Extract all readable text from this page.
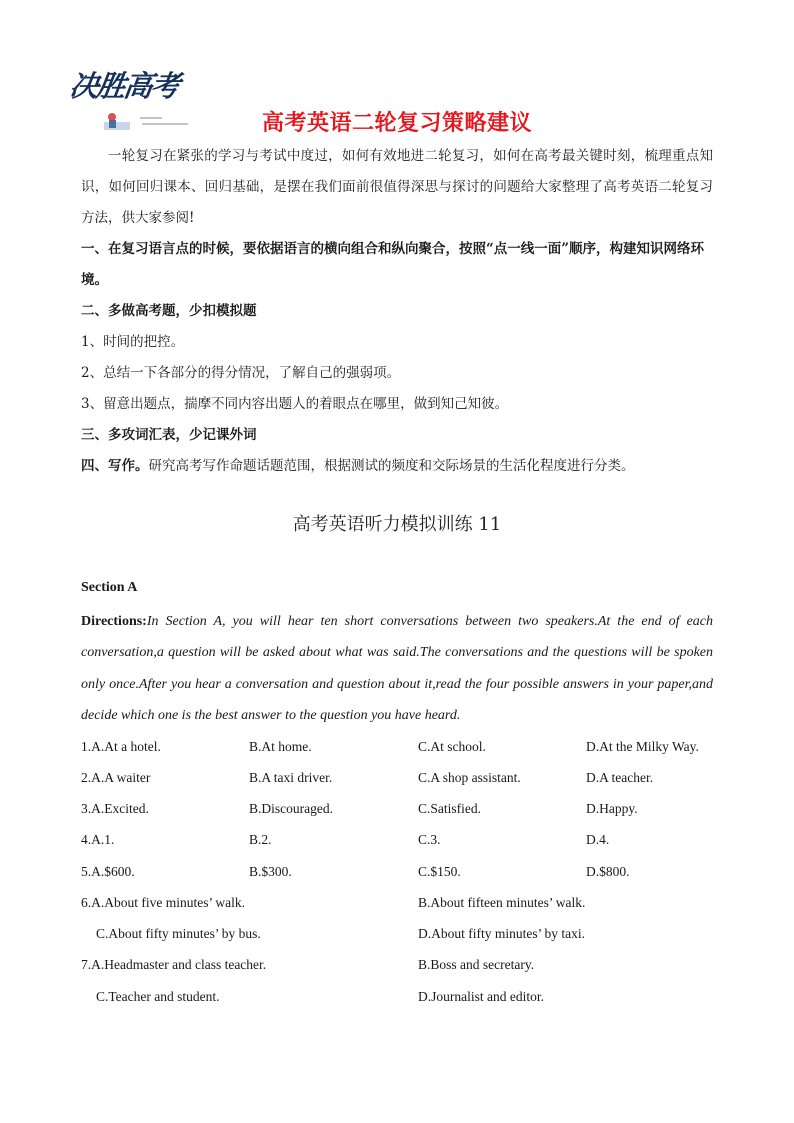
决胜高考
高考英语二轮复习策略建议
一轮复习在紧张的学习与考试中度过，如何有效地进二轮复习，如何在高考最关键时刻，梳理重点知识，如何回归课本、回归基础，是摆在我们面前很值得深思与探讨的问题给大家整理了高考英语二轮复习方法，供大家参阅!
一、在复习语言点的时候，要依据语言的横向组合和纵向聚合，按照“点一线一面”顺序，构建知识网络环境。
二、多做高考题，少扣模拟题
1、时间的把控。
2、总结一下各部分的得分情况，了解自己的强弱项。
3、留意出题点，揣摩不同内容出题人的着眼点在哪里，做到知己知彼。
三、多攻词汇表，少记课外词
四、写作。研究高考写作命题话题范围，根据测试的频度和交际场景的生活化程度进行分类。
高考英语听力模拟训练 11
Section A
Directions:In Section A, you will hear ten short conversations between two speakers.At the end of each conversation,a question will be asked about what was said.The conversations and the questions will be spoken only once.After you hear a conversation and question about it,read the four possible answers in your paper,and decide which one is the best answer to the question you have heard.
1.A.At a hotel.	B.At home.	C.At school.	D.At the Milky Way.
2.A.A waiter	B.A taxi driver.	C.A shop assistant.	D.A teacher.
3.A.Excited.	B.Discouraged.	C.Satisfied.	D.Happy.
4.A.1.	B.2.	C.3.	D.4.
5.A.$600.	B.$300.	C.$150.	D.$800.
6.A.About five minutes’ walk.	B.About fifteen minutes’ walk.
C.About fifty minutes’ by bus.	D.About fifty minutes’ by taxi.
7.A.Headmaster and class teacher.	B.Boss and secretary.
C.Teacher and student.	D.Journalist and editor.
